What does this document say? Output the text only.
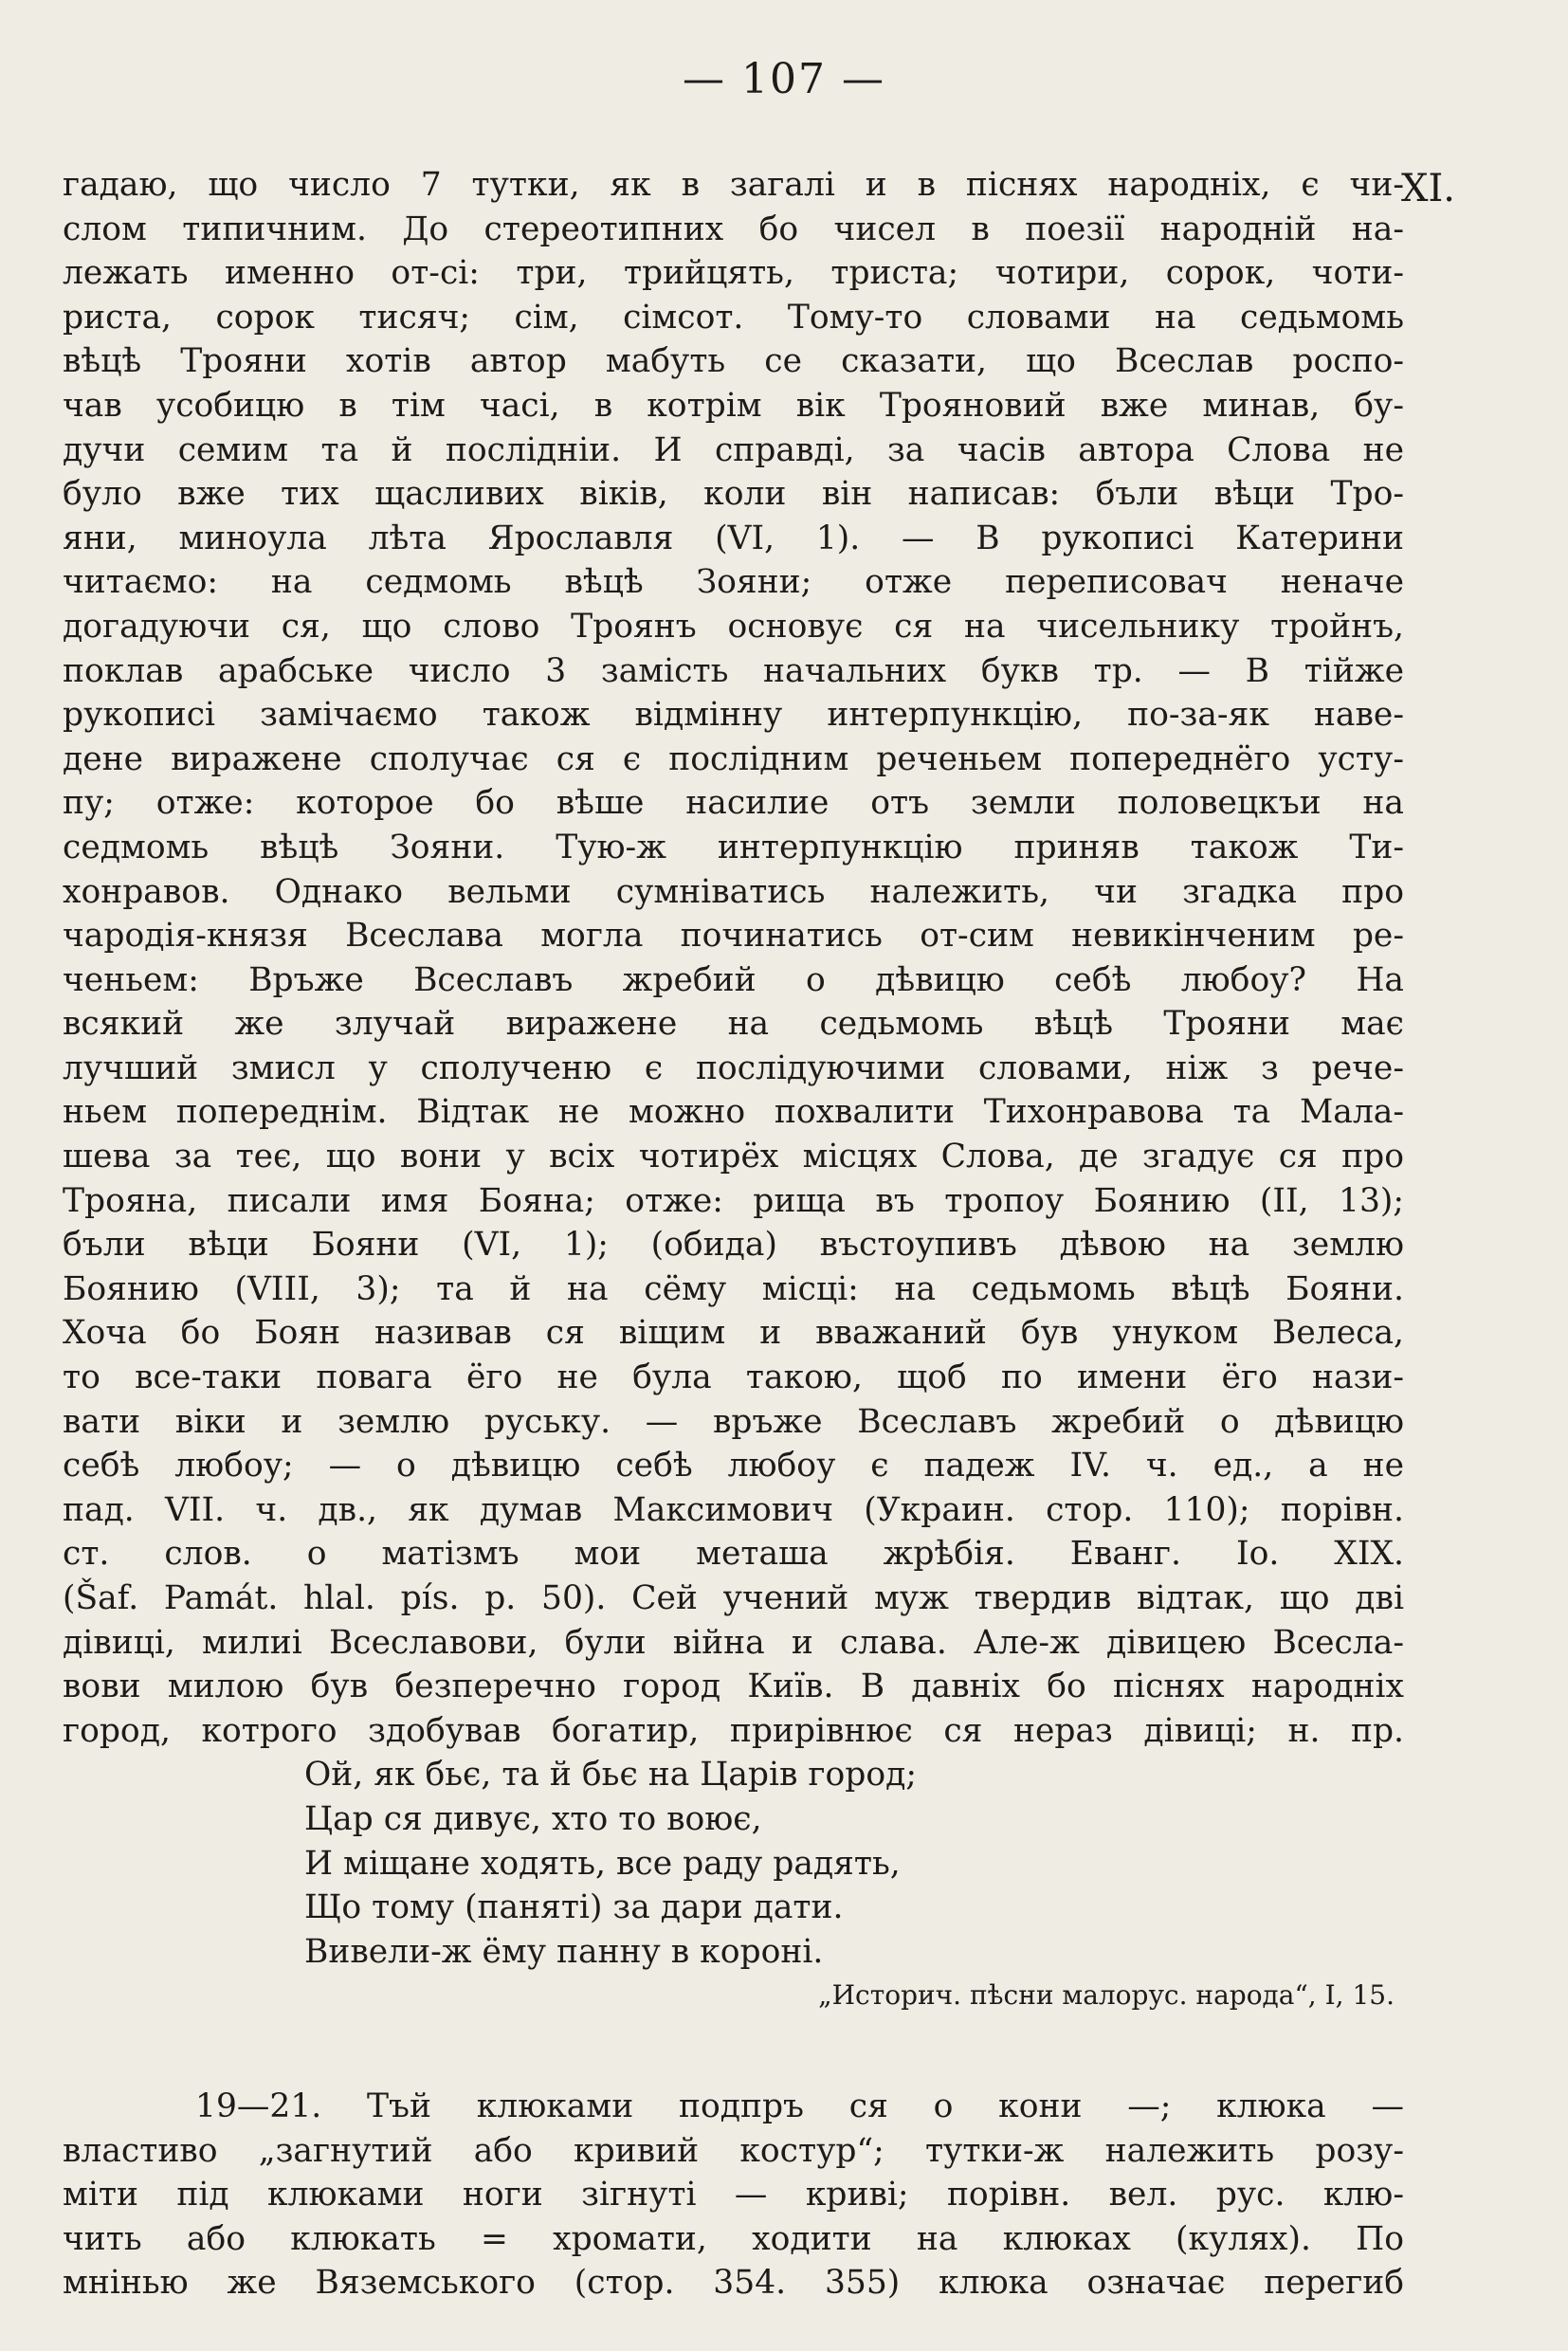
— 107 —
XI.
гадаю, що число 7 тутки, як в загалі и в піснях народніх, є чи-
слом типичним. До стереотипних бо чисел в поезії народній на-
лежать именно от-сі: три, трийцять, триста; чотири, сорок, чоти-
риста, сорок тисяч; сім, сімсот. Тому-то словами на седьмомь
вѣцѣ Трояни хотів автор мабуть се сказати, що Всеслав роспо-
чав усобицю в тім часі, в котрім вік Трояновий вже минав, бу-
дучи семим та й послідніи. И справді, за часів автора Слова не
було вже тих щасливих віків, коли він написав: бъли вѣци Тро-
яни, миноула лѣта Ярославля (VI, 1). — В рукописі Катерини
читаємо: на седмомь вѣцѣ Зояни; отже переписовач неначе
догадуючи ся, що слово Троянъ основує ся на чисельнику тройнъ,
поклав арабське число 3 замість начальних букв тр. — В тійже
рукописі замічаємо також відмінну интерпункцію, по-за-як наве-
дене виражене сполучає ся є послідним реченьем попереднёго усту-
пу; отже: которое бо вѣше насилие отъ земли половецкъи на
седмомь вѣцѣ Зояни. Тую-ж интерпункцію приняв також Ти-
хонравов. Однако вельми сумніватись належить, чи згадка про
чародія-князя Всеслава могла починатись от-сим невикінченим ре-
ченьем: Връже Всеславъ жребий о дѣвицю себѣ любоу? На
всякий же злучай виражене на седьмомь вѣцѣ Трояни має
лучший змисл у сполученю є послідуючими словами, ніж з рече-
ньем попереднім. Відтак не можно похвалити Тихонравова та Мала-
шева за теє, що вони у всіх чотирёх місцях Слова, де згадує ся про
Трояна, писали имя Бояна; отже: рища въ тропоу Боянию (II, 13);
бъли вѣци Бояни (VI, 1); (обида) въстоупивъ дѣвою на землю
Боянию (VIII, 3); та й на сёму місці: на седьмомь вѣцѣ Бояни.
Хоча бо Боян називав ся віщим и вважаний був унуком Велеса,
то все-таки повага ёго не була такою, щоб по имени ёго нази-
вати віки и землю руську. — връже Всеславъ жребий о дѣвицю
себѣ любоу; — о дѣвицю себѣ любоу є падеж IV. ч. ед., а не
пад. VII. ч. дв., як думав Максимович (Украин. стор. 110); порівн.
ст. слов. о матізмъ мои меташа жрѣбія. Еванг. Іо. XIX.
(Šaf. Památ. hlal. pís. p. 50). Сей учений муж твердив відтак, що дві
дівиці, милиі Всеславови, були війна и слава. Але-ж дівицею Всесла-
вови милою був безперечно город Київ. В давніх бо піснях народніх
город, котрого здобував богатир, прирівнює ся нераз дівиці; н. пр.
Ой, як бьє, та й бьє на Царів город;
Цар ся дивує, хто то воює,
И міщане ходять, все раду радять,
Що тому (паняті) за дари дати.
Вивели-ж ёму панну в короні.
„Историч. пѣсни малорус. народа“, I, 15.
19—21. Тъй клюками подпръ ся о кони —; клюка —
властиво „загнутий або кривий костур“; тутки-ж належить розу-
міти під клюками ноги зігнуті — криві; порівн. вел. рус. клю-
чить або клюкать = хромати, ходити на клюках (кулях). По
мнінью же Вяземського (стор. 354. 355) клюка означає перегиб
